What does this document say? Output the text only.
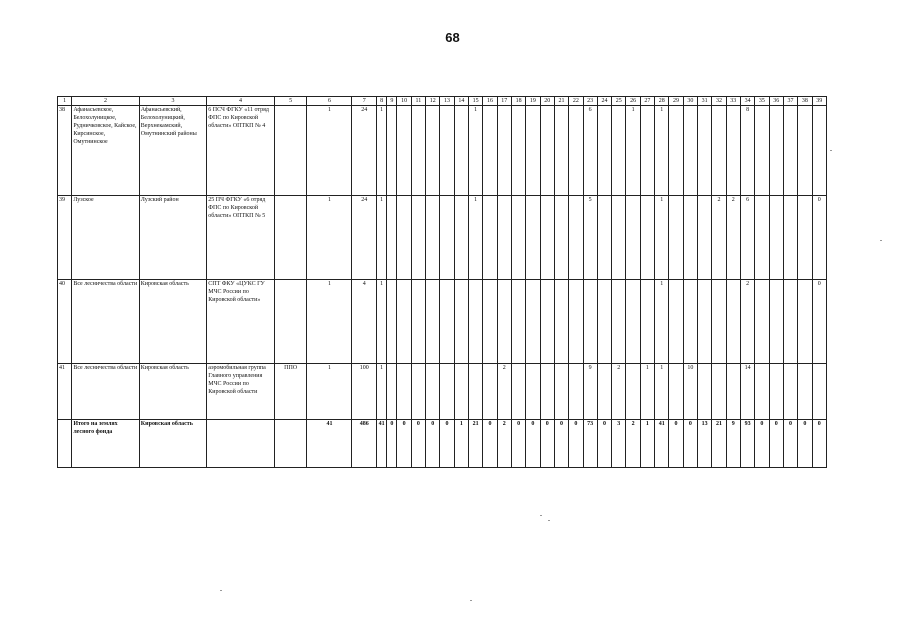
68
1	2	3	4	5	6	7	8	9	10	11	12	13	14	15	16	17	18	19	20	21	22	23	24	25	26	27	28	29	30	31	32	33	34	35	36	37	38	39
38	Афанасьевское, Белохолуницкое, Рудничковское, Кайское, Кирсинское, Омутнинское	Афанасьевский, Белохолуницкий, Верхнекамский, Омутнинский районы	6 ПСЧ ФГКУ «11 отряд ФПС по Кировской области» ОПТКП № 4		1	24	1							1								6			1		1						8					
39	Лузское	Лузский район	25 ПЧ ФГКУ «6 отряд ФПС по Кировской области» ОПТКП № 5		1	24	1							1								5					1				2	2	6					0
40	Все лесничества области	Кировская область	СПТ ФКУ «ЦУКС ГУ МЧС России по Кировской области»		1	4	1																				1						2					0
41	Все лесничества области	Кировская область	аэромобильная группа Главного управления МЧС России по Кировской области	ППО	1	100	1									2						9		2		1	1		10				14					
	Итого на землях лесного фонда	Кировская область			41	486	41	0	0	0	0	0	1	21	0	2	0	0	0	0	0	73	0	3	2	1	41	0	0	13	21	9	93	0	0	0	0	0
